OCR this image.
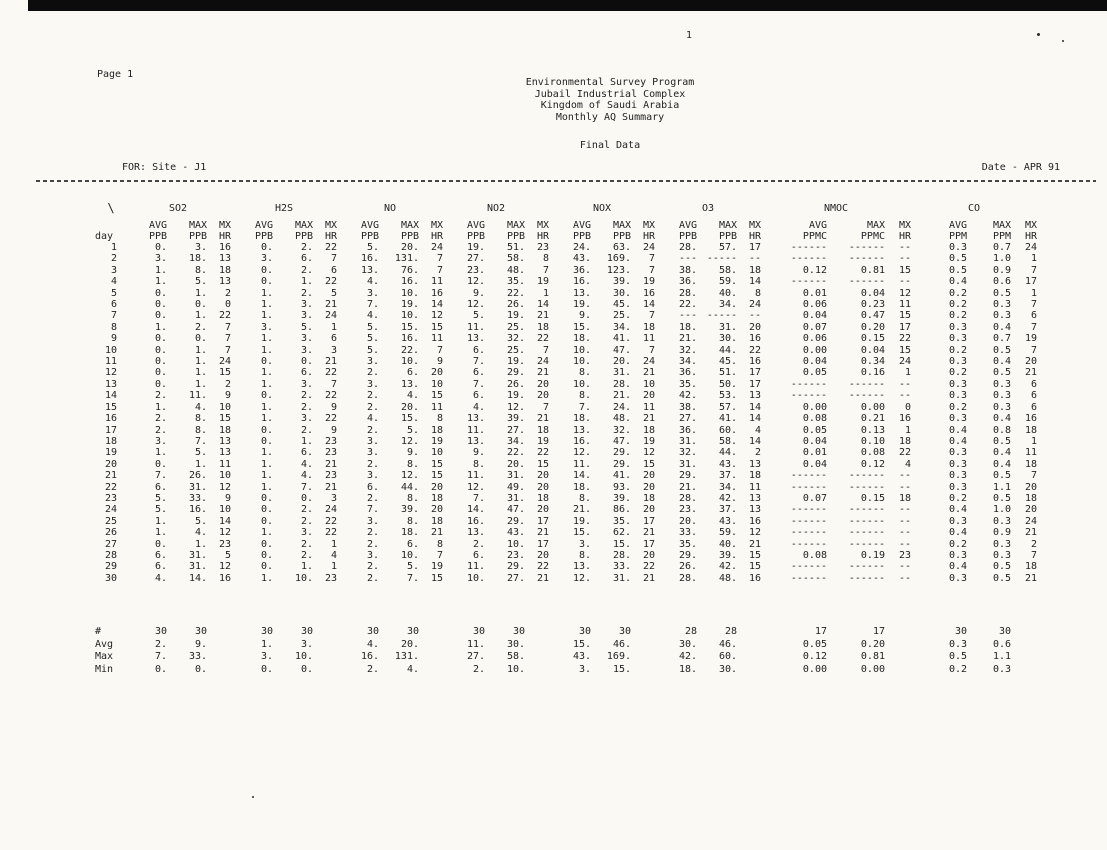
1
Page 1
Environmental Survey Program
Jubail Industrial Complex
Kingdom of Saudi Arabia
Monthly AQ Summary
Final Data
FOR: Site - J1	Date - APR 91
\	SO2			H2S			NO			NO2			NOX			O3			NMOC			CO		
	AVG	MAX	MX	AVG	MAX	MX	AVG	MAX	MX	AVG	MAX	MX	AVG	MAX	MX	AVG	MAX	MX	AVG	MAX	MX	AVG	MAX	MX
day	PPB	PPB	HR	PPB	PPB	HR	PPB	PPB	HR	PPB	PPB	HR	PPB	PPB	HR	PPB	PPB	HR	PPMC	PPMC	HR	PPM	PPM	HR
1	0.	3.	16	0.	2.	22	5.	20.	24	19.	51.	23	24.	63.	24	28.	57.	17	------	------	--	0.3	0.7	24
2	3.	18.	13	3.	6.	7	16.	131.	7	27.	58.	8	43.	169.	7	---	-----	--	------	------	--	0.5	1.0	1
3	1.	8.	18	0.	2.	6	13.	76.	7	23.	48.	7	36.	123.	7	38.	58.	18	0.12	0.81	15	0.5	0.9	7
4	1.	5.	13	0.	1.	22	4.	16.	11	12.	35.	19	16.	39.	19	36.	59.	14	------	------	--	0.4	0.6	17
5	0.	1.	2	1.	2.	5	3.	10.	16	9.	22.	1	13.	30.	16	28.	40.	8	0.01	0.04	12	0.2	0.5	1
6	0.	0.	0	1.	3.	21	7.	19.	14	12.	26.	14	19.	45.	14	22.	34.	24	0.06	0.23	11	0.2	0.3	7
7	0.	1.	22	1.	3.	24	4.	10.	12	5.	19.	21	9.	25.	7	---	-----	--	0.04	0.47	15	0.2	0.3	6
8	1.	2.	7	3.	5.	1	5.	15.	15	11.	25.	18	15.	34.	18	18.	31.	20	0.07	0.20	17	0.3	0.4	7
9	0.	0.	7	1.	3.	6	5.	16.	11	13.	32.	22	18.	41.	11	21.	30.	16	0.06	0.15	22	0.3	0.7	19
10	0.	1.	7	1.	3.	3	5.	22.	7	6.	25.	7	10.	47.	7	32.	44.	22	0.00	0.04	15	0.2	0.5	7
11	0.	1.	24	0.	0.	21	3.	10.	9	7.	19.	24	10.	20.	24	34.	45.	16	0.04	0.34	24	0.3	0.4	20
12	0.	1.	15	1.	6.	22	2.	6.	20	6.	29.	21	8.	31.	21	36.	51.	17	0.05	0.16	1	0.2	0.5	21
13	0.	1.	2	1.	3.	7	3.	13.	10	7.	26.	20	10.	28.	10	35.	50.	17	------	------	--	0.3	0.3	6
14	2.	11.	9	0.	2.	22	2.	4.	15	6.	19.	20	8.	21.	20	42.	53.	13	------	------	--	0.3	0.3	6
15	1.	4.	10	1.	2.	9	2.	20.	11	4.	12.	7	7.	24.	11	38.	57.	14	0.00	0.00	0	0.2	0.3	6
16	2.	8.	15	1.	3.	22	4.	15.	8	13.	39.	21	18.	48.	21	27.	41.	14	0.08	0.21	16	0.3	0.4	16
17	2.	8.	18	0.	2.	9	2.	5.	18	11.	27.	18	13.	32.	18	36.	60.	4	0.05	0.13	1	0.4	0.8	18
18	3.	7.	13	0.	1.	23	3.	12.	19	13.	34.	19	16.	47.	19	31.	58.	14	0.04	0.10	18	0.4	0.5	1
19	1.	5.	13	1.	6.	23	3.	9.	10	9.	22.	22	12.	29.	12	32.	44.	2	0.01	0.08	22	0.3	0.4	11
20	0.	1.	11	1.	4.	21	2.	8.	15	8.	20.	15	11.	29.	15	31.	43.	13	0.04	0.12	4	0.3	0.4	18
21	7.	26.	10	1.	4.	23	3.	12.	15	11.	31.	20	14.	41.	20	29.	37.	18	------	------	--	0.3	0.5	7
22	6.	31.	12	1.	7.	21	6.	44.	20	12.	49.	20	18.	93.	20	21.	34.	11	------	------	--	0.3	1.1	20
23	5.	33.	9	0.	0.	3	2.	8.	18	7.	31.	18	8.	39.	18	28.	42.	13	0.07	0.15	18	0.2	0.5	18
24	5.	16.	10	0.	2.	24	7.	39.	20	14.	47.	20	21.	86.	20	23.	37.	13	------	------	--	0.4	1.0	20
25	1.	5.	14	0.	2.	22	3.	8.	18	16.	29.	17	19.	35.	17	20.	43.	16	------	------	--	0.3	0.3	24
26	1.	4.	12	1.	3.	22	2.	18.	21	13.	43.	21	15.	62.	21	33.	59.	12	------	------	--	0.4	0.9	21
27	0.	1.	23	0.	2.	1	2.	6.	8	2.	10.	17	3.	15.	17	35.	40.	21	------	------	--	0.2	0.3	2
28	6.	31.	5	0.	2.	4	3.	10.	7	6.	23.	20	8.	28.	20	29.	39.	15	0.08	0.19	23	0.3	0.3	7
29	6.	31.	12	0.	1.	1	2.	5.	19	11.	29.	22	13.	33.	22	26.	42.	15	------	------	--	0.4	0.5	18
30	4.	14.	16	1.	10.	23	2.	7.	15	10.	27.	21	12.	31.	21	28.	48.	16	------	------	--	0.3	0.5	21

#	30	30		30	30		30	30		30	30		30	30		28	28		17	17		30	30	
Avg	2.	9.		1.	3.		4.	20.		11.	30.		15.	46.		30.	46.		0.05	0.20		0.3	0.6	
Max	7.	33.		3.	10.		16.	131.		27.	58.		43.	169.		42.	60.		0.12	0.81		0.5	1.1	
Min	0.	0.		0.	0.		2.	4.		2.	10.		3.	15.		18.	30.		0.00	0.00		0.2	0.3	
